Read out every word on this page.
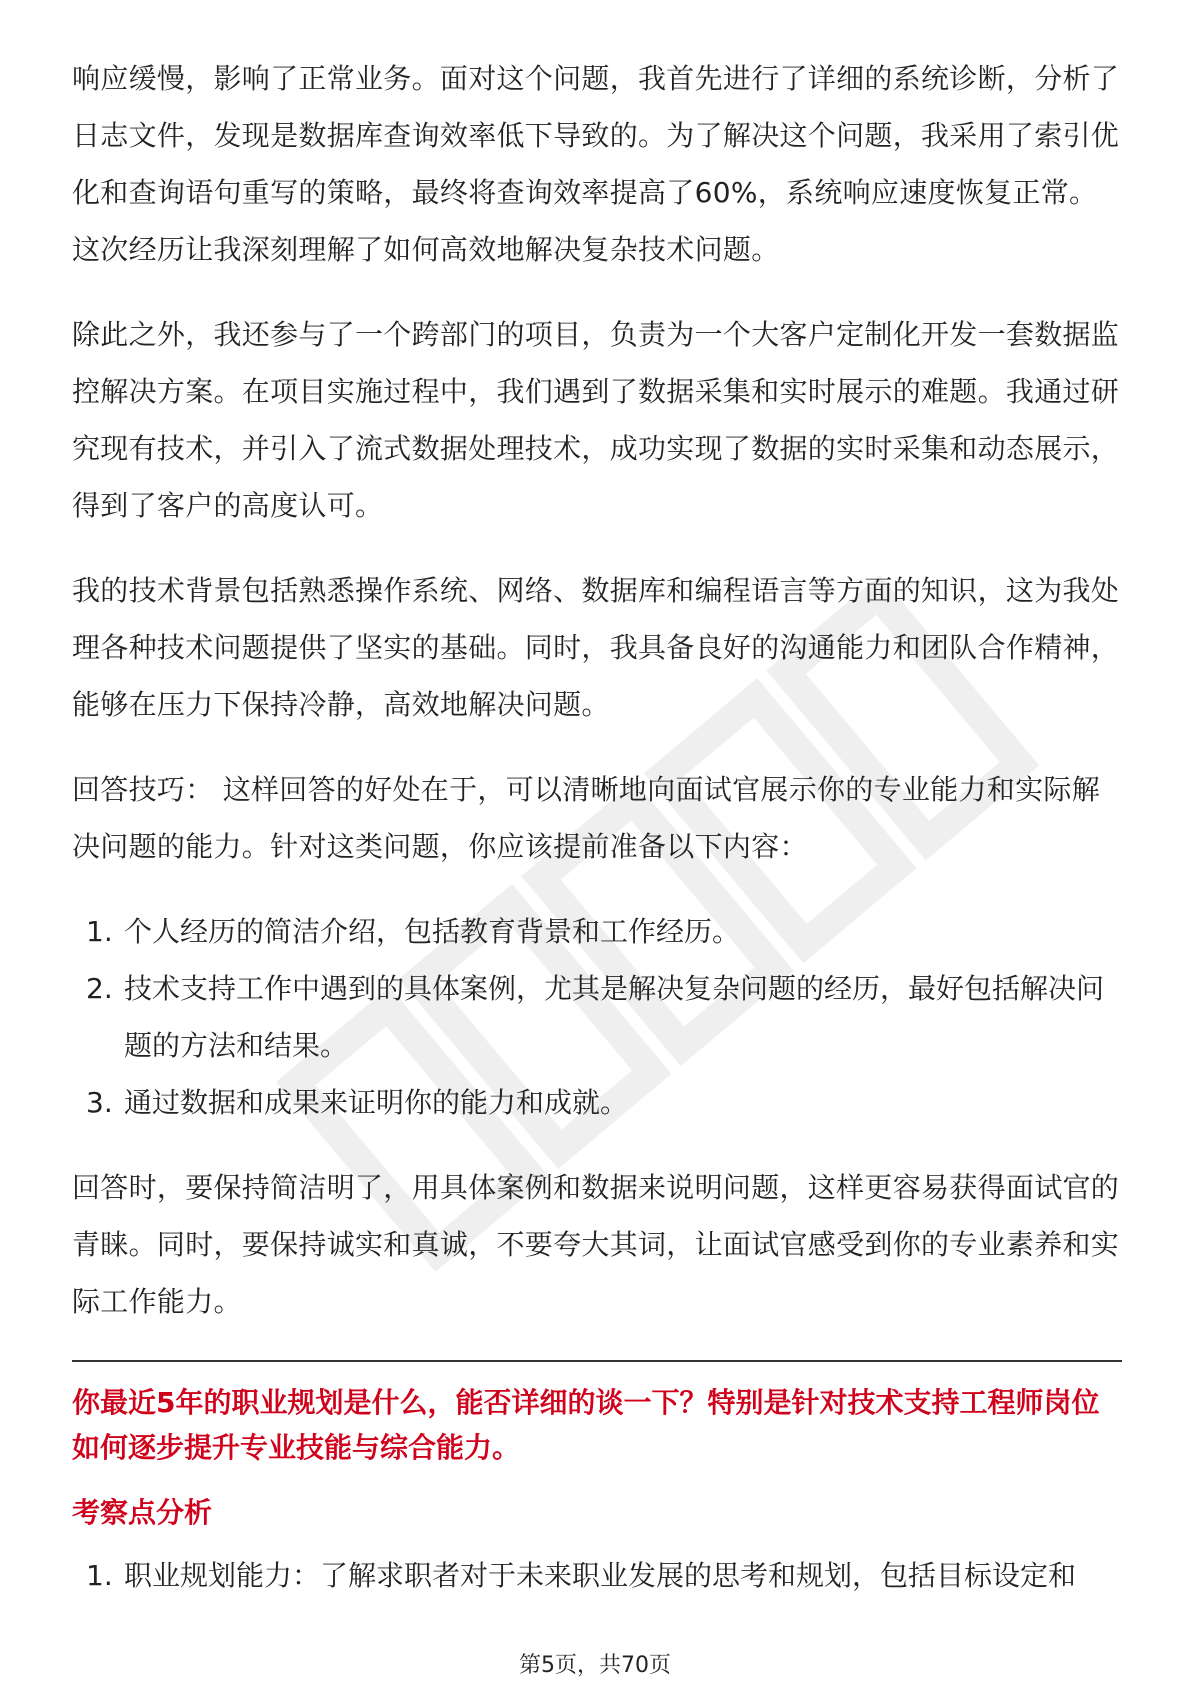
响应缓慢，影响了正常业务。面对这个问题，我首先进行了详细的系统诊断，分析了日志文件，发现是数据库查询效率低下导致的。为了解决这个问题，我采用了索引优化和查询语句重写的策略，最终将查询效率提高了60%，系统响应速度恢复正常。这次经历让我深刻理解了如何高效地解决复杂技术问题。

除此之外，我还参与了一个跨部门的项目，负责为一个大客户定制化开发一套数据监控解决方案。在项目实施过程中，我们遇到了数据采集和实时展示的难题。我通过研究现有技术，并引入了流式数据处理技术，成功实现了数据的实时采集和动态展示，得到了客户的高度认可。

我的技术背景包括熟悉操作系统、网络、数据库和编程语言等方面的知识，这为我处理各种技术问题提供了坚实的基础。同时，我具备良好的沟通能力和团队合作精神，能够在压力下保持冷静，高效地解决问题。

回答技巧： 这样回答的好处在于，可以清晰地向面试官展示你的专业能力和实际解决问题的能力。针对这类问题，你应该提前准备以下内容：

1. 个人经历的简洁介绍，包括教育背景和工作经历。
2. 技术支持工作中遇到的具体案例，尤其是解决复杂问题的经历，最好包括解决问题的方法和结果。
3. 通过数据和成果来证明你的能力和成就。

回答时，要保持简洁明了，用具体案例和数据来说明问题，这样更容易获得面试官的青睐。同时，要保持诚实和真诚，不要夸大其词，让面试官感受到你的专业素养和实际工作能力。

你最近5年的职业规划是什么，能否详细的谈一下？特别是针对技术支持工程师岗位如何逐步提升专业技能与综合能力。

考察点分析

1. 职业规划能力：了解求职者对于未来职业发展的思考和规划，包括目标设定和
第5页，共70页
